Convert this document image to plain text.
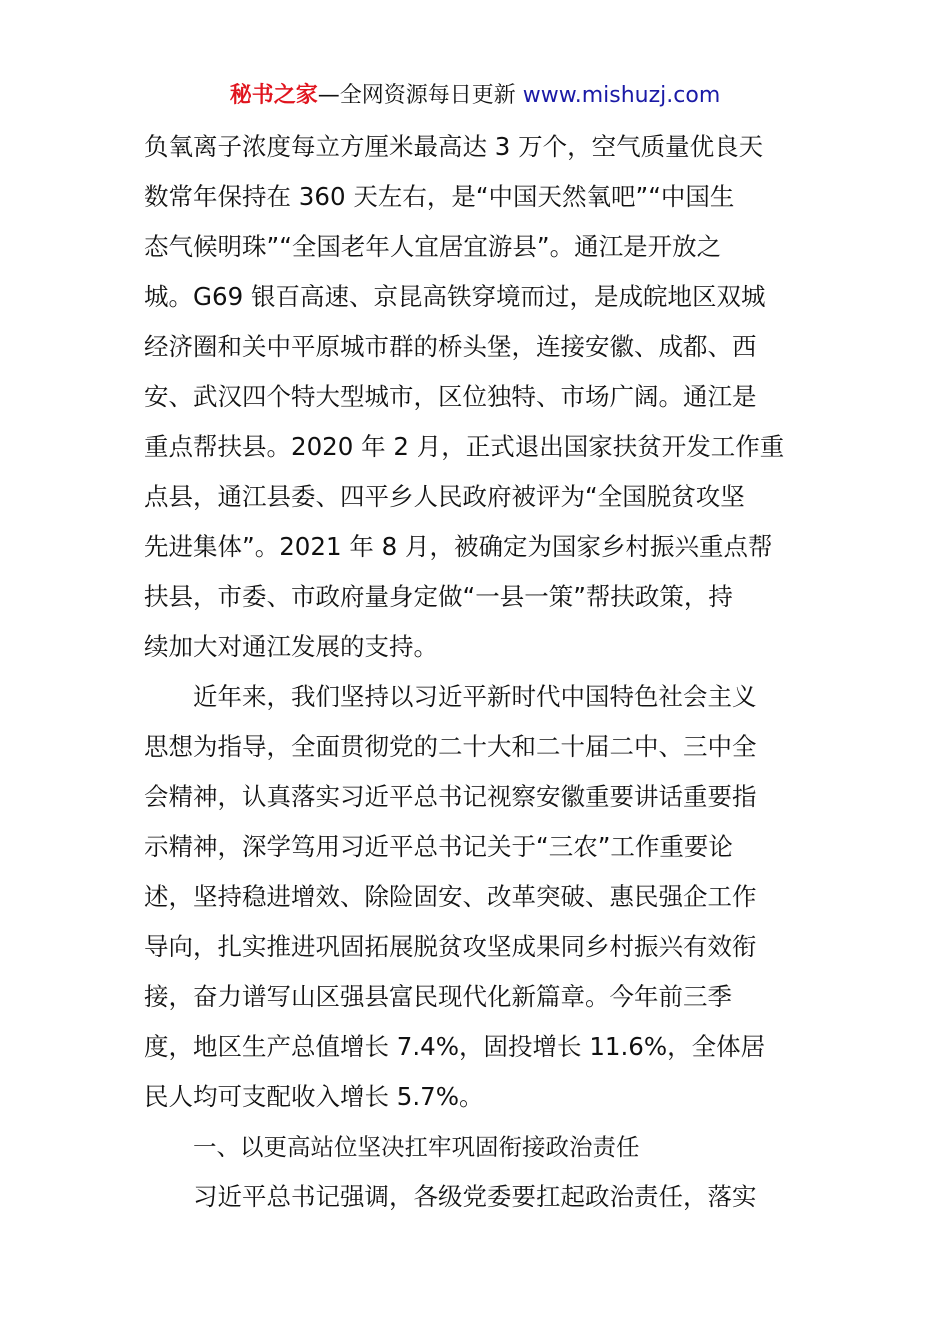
秘书之家—全网资源每日更新 www.mishuzj.com
负氧离子浓度每立方厘米最高达 3 万个，空气质量优良天
数常年保持在 360 天左右，是“中国天然氧吧”“中国生
态气候明珠”“全国老年人宜居宜游县”。通江是开放之
城。G69 银百高速、京昆高铁穿境而过，是成皖地区双城
经济圈和关中平原城市群的桥头堡，连接安徽、成都、西
安、武汉四个特大型城市，区位独特、市场广阔。通江是
重点帮扶县。2020 年 2 月，正式退出国家扶贫开发工作重
点县，通江县委、四平乡人民政府被评为“全国脱贫攻坚
先进集体”。2021 年 8 月，被确定为国家乡村振兴重点帮
扶县，市委、市政府量身定做“一县一策”帮扶政策，持
续加大对通江发展的支持。
近年来，我们坚持以习近平新时代中国特色社会主义
思想为指导，全面贯彻党的二十大和二十届二中、三中全
会精神，认真落实习近平总书记视察安徽重要讲话重要指
示精神，深学笃用习近平总书记关于“三农”工作重要论
述，坚持稳进增效、除险固安、改革突破、惠民强企工作
导向，扎实推进巩固拓展脱贫攻坚成果同乡村振兴有效衔
接，奋力谱写山区强县富民现代化新篇章。今年前三季
度，地区生产总值增长 7.4%，固投增长 11.6%，全体居
民人均可支配收入增长 5.7%。
一、以更高站位坚决扛牢巩固衔接政治责任
习近平总书记强调，各级党委要扛起政治责任，落实
